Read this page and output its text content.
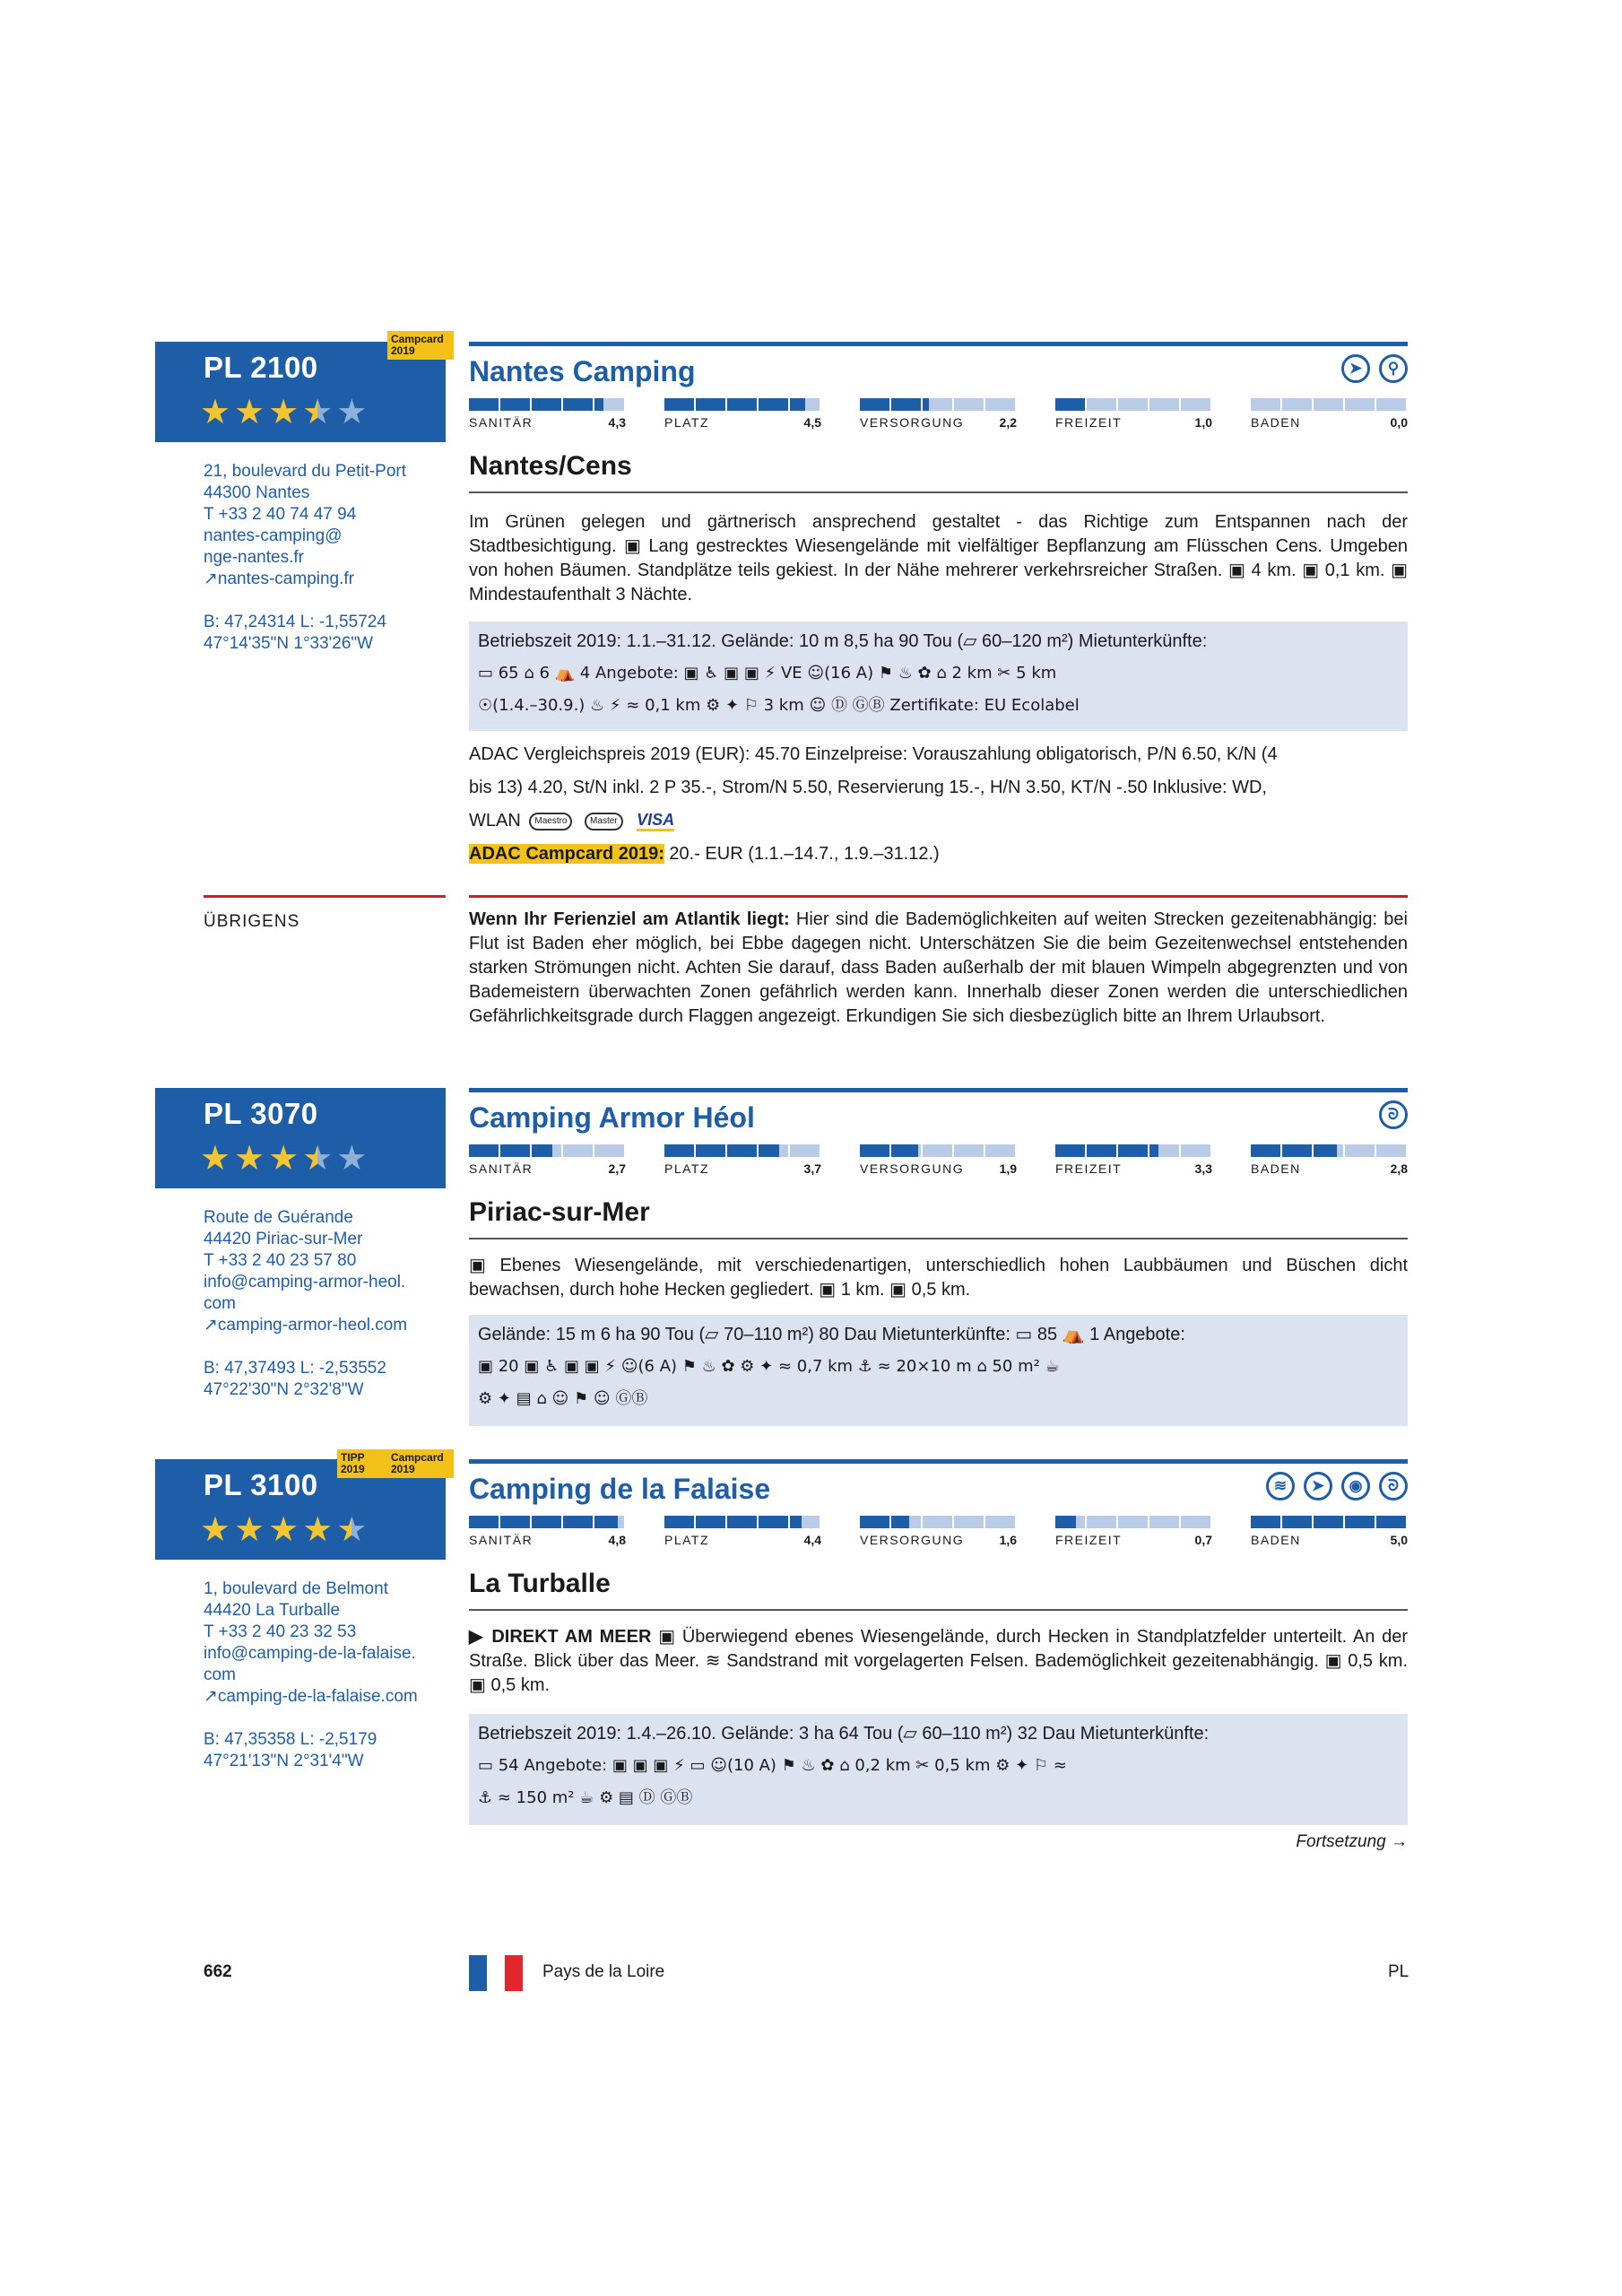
PL 2100
★ ★ ★ ★ ★
Campcard 2019
21, boulevard du Petit-Port
44300 Nantes
T +33 2 40 74 47 94
nantes-camping@
nge-nantes.fr
↗nantes-camping.fr
B: 47,24314 L: -1,55724
47°14'35"N 1°33'26"W
Nantes Camping	➤	⚲
SANITÄR	4,3	PLATZ	4,5	VERSORGUNG	2,2	FREIZEIT	1,0	BADEN	0,0
Nantes/Cens
Im Grünen gelegen und gärtnerisch ansprechend gestaltet - das Richtige zum Entspannen nach der Stadtbesichtigung. ▣ Lang gestrecktes Wiesengelände mit vielfältiger Bepflanzung am Flüsschen Cens. Umgeben von hohen Bäumen. Standplätze teils gekiest. In der Nähe mehrerer verkehrsreicher Straßen. ▣ 4 km. ▣ 0,1 km. ▣ Mindestaufenthalt 3 Nächte.
Betriebszeit 2019: 1.1.–31.12. Gelände: 10 m 8,5 ha 90 Tou (▱ 60–120 m²) Mietunterkünfte:
▭ 65 ⌂ 6 ⛺ 4 Angebote: ▣ ♿ ▣ ▣ ⚡ VE ☺(16 A) ⚑ ♨ ✿ ⌂ 2 km ✂ 5 km
☉(1.4.–30.9.) ♨ ⚡ ≈ 0,1 km ⚙ ✦ ⚐ 3 km ☺ Ⓓ ⒼⒷ Zertifikate: EU Ecolabel
ADAC Vergleichspreis 2019 (EUR): 45.70 Einzelpreise: Vorauszahlung obligatorisch, P/N 6.50, K/N (4
bis 13) 4.20, St/N inkl. 2 P 35.-, Strom/N 5.50, Reservierung 15.-, H/N 3.50, KT/N -.50 Inklusive: WD,
WLAN Maestro	Master VISA
ADAC Campcard 2019: 20.- EUR (1.1.–14.7., 1.9.–31.12.)
ÜBRIGENS	Wenn Ihr Ferienziel am Atlantik liegt: Hier sind die Bademöglichkeiten auf weiten Strecken gezeitenabhängig: bei Flut ist Baden eher möglich, bei Ebbe dagegen nicht. Unterschätzen Sie die beim Gezeitenwechsel entstehenden starken Strömungen nicht. Achten Sie darauf, dass Baden außerhalb der mit blauen Wimpeln abgegrenzten und von Bademeistern überwachten Zonen gefährlich werden kann. Innerhalb dieser Zonen werden die unterschiedlichen Gefährlichkeitsgrade durch Flaggen angezeigt. Erkundigen Sie sich diesbezüglich bitte an Ihrem Urlaubsort.
PL 3070
★ ★ ★ ★ ★
Route de Guérande
44420 Piriac-sur-Mer
T +33 2 40 23 57 80
info@camping-armor-heol.
com
↗camping-armor-heol.com
B: 47,37493 L: -2,53552
47°22'30"N 2°32'8"W
Camping Armor Héol	ᘐ
SANITÄR	2,7	PLATZ	3,7	VERSORGUNG	1,9	FREIZEIT	3,3	BADEN	2,8
Piriac-sur-Mer
▣ Ebenes Wiesengelände, mit verschiedenartigen, unterschiedlich hohen Laubbäumen und Büschen dicht bewachsen, durch hohe Hecken gegliedert. ▣ 1 km. ▣ 0,5 km.
Gelände: 15 m 6 ha 90 Tou (▱ 70–110 m²) 80 Dau Mietunterkünfte: ▭ 85 ⛺ 1 Angebote:
▣ 20 ▣ ♿ ▣ ▣ ⚡ ☺(6 A) ⚑ ♨ ✿ ⚙ ✦ ≈ 0,7 km ⚓ ≈ 20×10 m ⌂ 50 m² ☕
⚙ ✦ ▤ ⌂ ☺ ⚑ ☺ ⒼⒷ
PL 3100
★ ★ ★ ★ ★
TIPP 2019
Campcard 2019
1, boulevard de Belmont
44420 La Turballe
T +33 2 40 23 32 53
info@camping-de-la-falaise.
com
↗camping-de-la-falaise.com
B: 47,35358 L: -2,5179
47°21'13"N 2°31'4"W
Camping de la Falaise	≋	➤	◉	ᘐ
SANITÄR	4,8	PLATZ	4,4	VERSORGUNG	1,6	FREIZEIT	0,7	BADEN	5,0
La Turballe
▶ DIREKT AM MEER ▣ Überwiegend ebenes Wiesengelände, durch Hecken in Standplatzfelder unterteilt. An der Straße. Blick über das Meer. ≋ Sandstrand mit vorgelagerten Felsen. Bademöglichkeit gezeitenabhängig. ▣ 0,5 km. ▣ 0,5 km.
Betriebszeit 2019: 1.4.–26.10. Gelände: 3 ha 64 Tou (▱ 60–110 m²) 32 Dau Mietunterkünfte:
▭ 54 Angebote: ▣ ▣ ▣ ⚡ ▭ ☺(10 A) ⚑ ♨ ✿ ⌂ 0,2 km ✂ 0,5 km ⚙ ✦ ⚐ ≈
⚓ ≈ 150 m² ☕ ⚙ ▤ Ⓓ ⒼⒷ
Fortsetzung →
662	Pays de la Loire	PL
